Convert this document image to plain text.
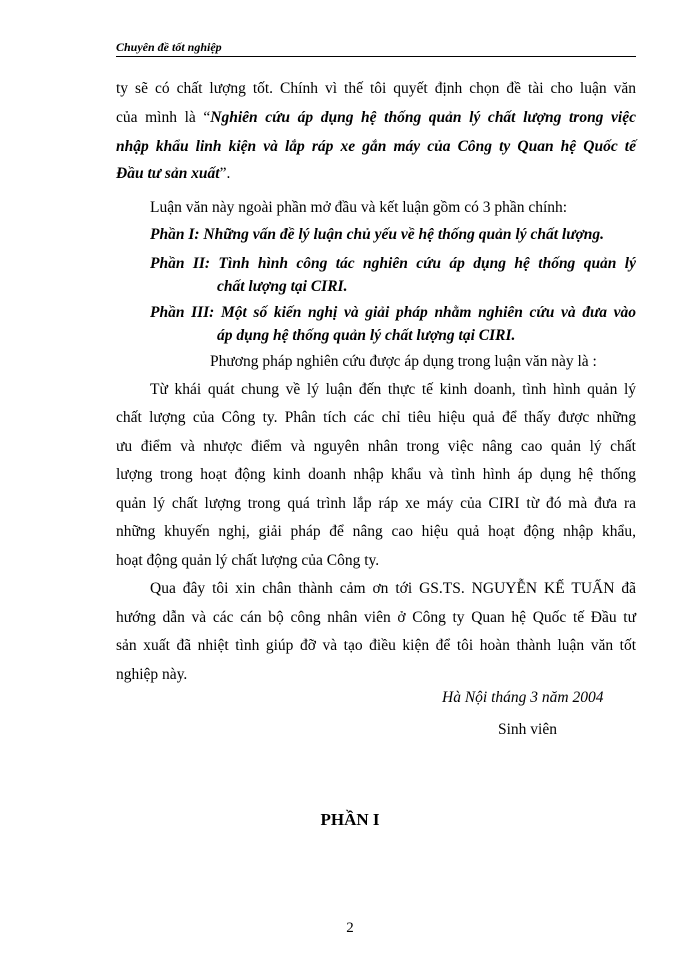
Chuyên đề tốt nghiệp
ty sẽ có chất lượng tốt. Chính vì thế tôi quyết định chọn đề tài cho luận văn
của mình là “Nghiên cứu áp dụng hệ thống quản lý chất lượng trong việc
nhập khẩu linh kiện và lắp ráp xe gắn máy của Công ty Quan hệ Quốc tế
Đầu tư sản xuất”.
Luận văn này ngoài phần mở đầu và kết luận gồm có 3 phần chính:
Phần I: Những vấn đề lý luận chủ yếu về hệ thống quản lý chất lượng.
Phần II: Tình hình công tác nghiên cứu áp dụng hệ thống quản lý
chất lượng tại CIRI.
Phần III: Một số kiến nghị và giải pháp nhằm nghiên cứu và đưa vào
áp dụng hệ thống quản lý chất lượng tại CIRI.
Phương pháp nghiên cứu được áp dụng trong luận văn này là :
Từ khái quát chung về lý luận đến thực tế kinh doanh, tình hình quản lý
chất lượng của Công ty. Phân tích các chỉ tiêu hiệu quả để thấy được những
ưu điểm và nhược điểm và nguyên nhân trong việc nâng cao quản lý chất
lượng trong hoạt động kinh doanh nhập khẩu và tình hình áp dụng hệ thống
quản lý chất lượng trong quá trình lắp ráp xe máy của CIRI từ đó mà đưa ra
những khuyến nghị, giải pháp để nâng cao hiệu quả hoạt động nhập khẩu,
hoạt động quản lý chất lượng của Công ty.
Qua đây tôi xin chân thành cảm ơn tới GS.TS. NGUYỄN KẾ TUẤN đã
hướng dẫn và các cán bộ công nhân viên ở Công ty Quan hệ Quốc tế Đầu tư
sản xuất đã nhiệt tình giúp đỡ và tạo điều kiện để tôi hoàn thành luận văn tốt
nghiệp này.
Hà Nội tháng 3 năm 2004
Sinh viên
PHẦN I
2
